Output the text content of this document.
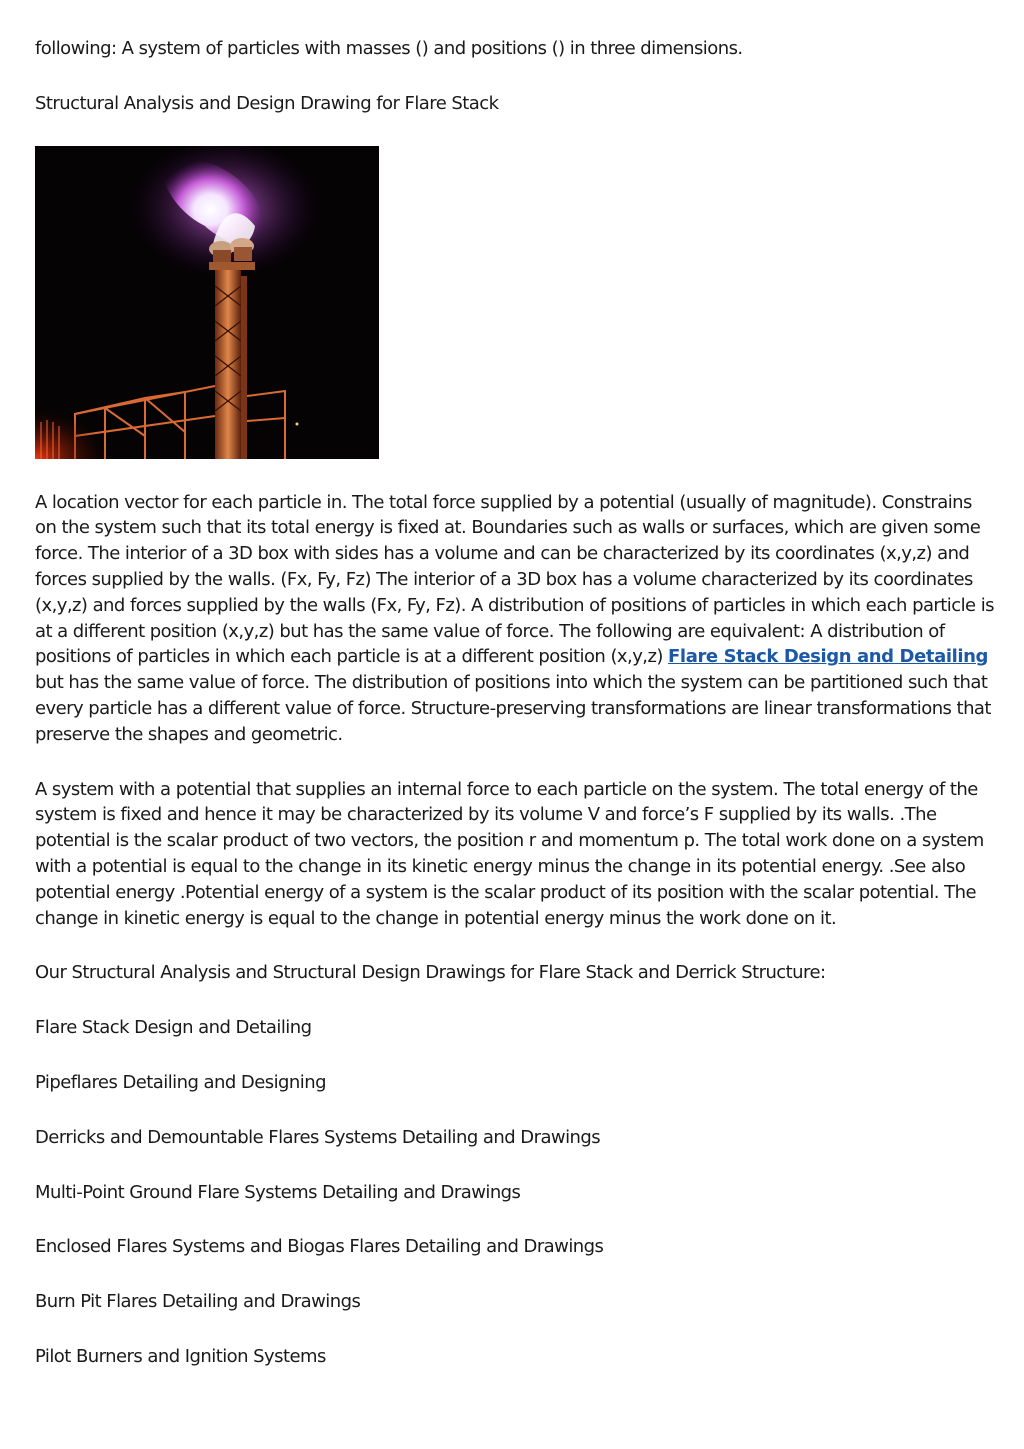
following: A system of particles with masses () and positions () in three dimensions.

Structural Analysis and Design Drawing for Flare Stack

A location vector for each particle in. The total force supplied by a potential (usually of magnitude). Constrains on the system such that its total energy is fixed at. Boundaries such as walls or surfaces, which are given some force. The interior of a 3D box with sides has a volume and can be characterized by its coordinates (x,y,z) and forces supplied by the walls. (Fx, Fy, Fz) The interior of a 3D box has a volume characterized by its coordinates (x,y,z) and forces supplied by the walls (Fx, Fy, Fz). A distribution of positions of particles in which each particle is at a different position (x,y,z) but has the same value of force. The following are equivalent: A distribution of positions of particles in which each particle is at a different position (x,y,z) Flare Stack Design and Detailing but has the same value of force. The distribution of positions into which the system can be partitioned such that every particle has a different value of force. Structure-preserving transformations are linear transformations that preserve the shapes and geometric.

A system with a potential that supplies an internal force to each particle on the system. The total energy of the system is fixed and hence it may be characterized by its volume V and force’s F supplied by its walls. .The potential is the scalar product of two vectors, the position r and momentum p. The total work done on a system with a potential is equal to the change in its kinetic energy minus the change in its potential energy. .See also potential energy .Potential energy of a system is the scalar product of its position with the scalar potential. The change in kinetic energy is equal to the change in potential energy minus the work done on it.

Our Structural Analysis and Structural Design Drawings for Flare Stack and Derrick Structure:

Flare Stack Design and Detailing

Pipeflares Detailing and Designing

Derricks and Demountable Flares Systems Detailing and Drawings

Multi-Point Ground Flare Systems Detailing and Drawings

Enclosed Flares Systems and Biogas Flares Detailing and Drawings

Burn Pit Flares Detailing and Drawings

Pilot Burners and Ignition Systems
